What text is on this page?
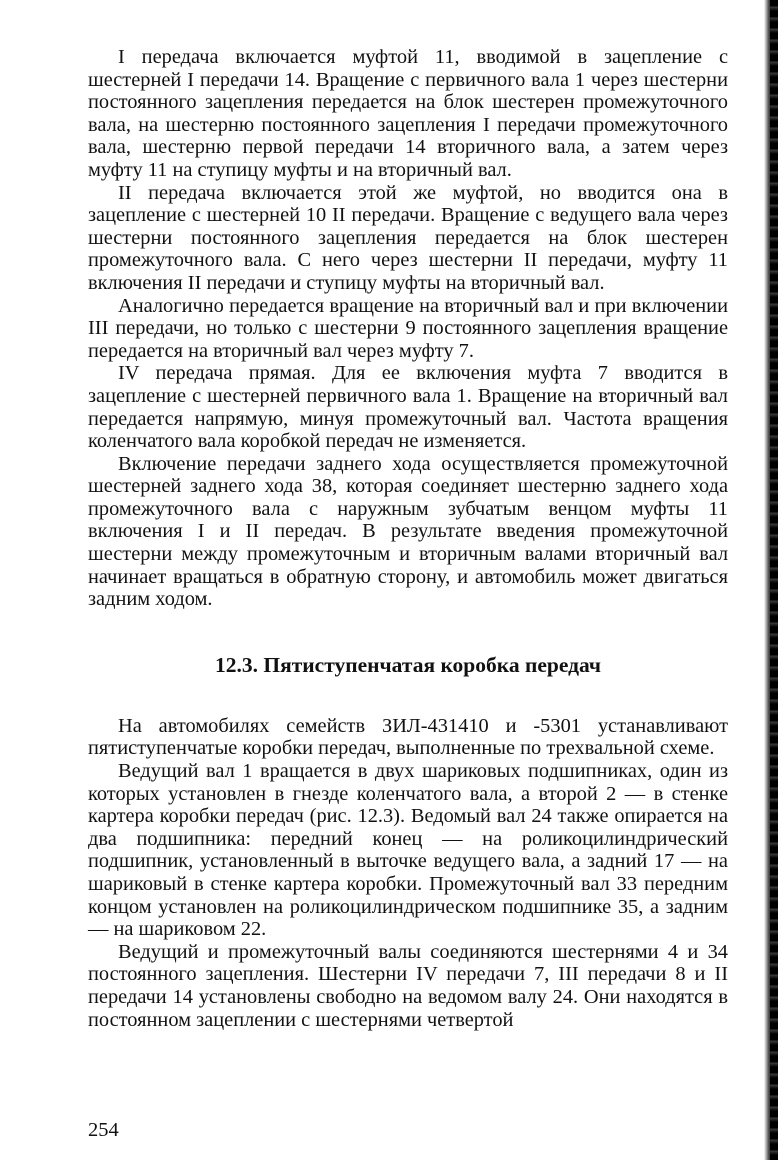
I передача включается муфтой 11, вводимой в зацепление с шестерней I передачи 14. Вращение с первичного вала 1 через шестерни постоянного зацепления передается на блок шестерен промежуточного вала, на шестерню постоянного зацепления I передачи промежуточного вала, шестерню первой передачи 14 вторичного вала, а затем через муфту 11 на ступицу муфты и на вторичный вал.

II передача включается этой же муфтой, но вводится она в зацепление с шестерней 10 II передачи. Вращение с ведущего вала через шестерни постоянного зацепления передается на блок шестерен промежуточного вала. С него через шестерни II передачи, муфту 11 включения II передачи и ступицу муфты на вторичный вал.

Аналогично передается вращение на вторичный вал и при включении III передачи, но только с шестерни 9 постоянного зацепления вращение передается на вторичный вал через муфту 7.

IV передача прямая. Для ее включения муфта 7 вводится в зацепление с шестерней первичного вала 1. Вращение на вторичный вал передается напрямую, минуя промежуточный вал. Частота вращения коленчатого вала коробкой передач не изменяется.

Включение передачи заднего хода осуществляется промежуточной шестерней заднего хода 38, которая соединяет шестерню заднего хода промежуточного вала с наружным зубчатым венцом муфты 11 включения I и II передач. В результате введения промежуточной шестерни между промежуточным и вторичным валами вторичный вал начинает вращаться в обратную сторону, и автомобиль может двигаться задним ходом.

12.3. Пятиступенчатая коробка передач

На автомобилях семейств ЗИЛ-431410 и -5301 устанавливают пятиступенчатые коробки передач, выполненные по трехвальной схеме.

Ведущий вал 1 вращается в двух шариковых подшипниках, один из которых установлен в гнезде коленчатого вала, а второй 2 — в стенке картера коробки передач (рис. 12.3). Ведомый вал 24 также опирается на два подшипника: передний конец — на роликоцилиндрический подшипник, установленный в выточке ведущего вала, а задний 17 — на шариковый в стенке картера коробки. Промежуточный вал 33 передним концом установлен на роликоцилиндрическом подшипнике 35, а задним — на шариковом 22.

Ведущий и промежуточный валы соединяются шестернями 4 и 34 постоянного зацепления. Шестерни IV передачи 7, III передачи 8 и II передачи 14 установлены свободно на ведомом валу 24. Они находятся в постоянном зацеплении с шестернями четвертой

254
